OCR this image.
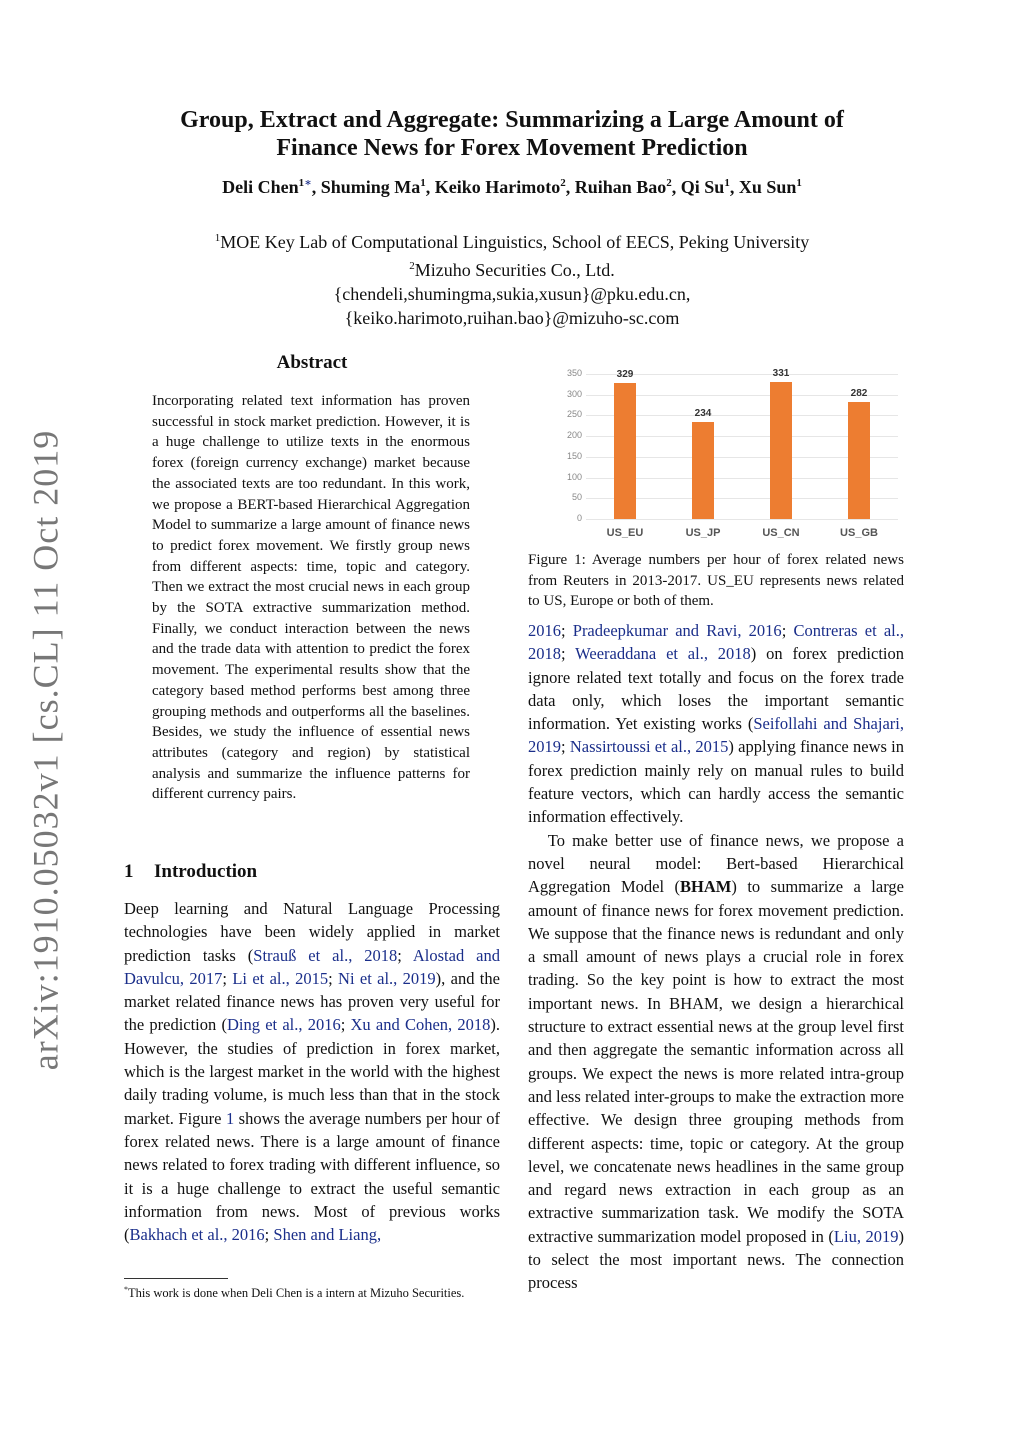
arXiv:1910.05032v1 [cs.CL] 11 Oct 2019
Group, Extract and Aggregate: Summarizing a Large Amount of
Finance News for Forex Movement Prediction
Deli Chen$^{1∗}$, Shuming Ma$^1$, Keiko Harimoto$^2$, Ruihan Bao$^2$, Qi Su$^1$, Xu Sun$^1$
$^1$MOE Key Lab of Computational Linguistics, School of EECS, Peking University
$^2$Mizuho Securities Co., Ltd.
{chendeli,shumingma,sukia,xusun}@pku.edu.cn,
{keiko.harimoto,ruihan.bao}@mizuho-sc.com
Abstract
Incorporating related text information has proven successful in stock market prediction. However, it is a huge challenge to utilize texts in the enormous forex (foreign currency exchange) market because the associated texts are too redundant. In this work, we propose a BERT-based Hierarchical Aggregation Model to summarize a large amount of finance news to predict forex movement. We firstly group news from different aspects: time, topic and category. Then we extract the most crucial news in each group by the SOTA extractive summarization method. Finally, we conduct interaction between the news and the trade data with attention to predict the forex movement. The experimental results show that the category based method performs best among three grouping methods and outperforms all the baselines. Besides, we study the influence of essential news attributes (category and region) by statistical analysis and summarize the influence patterns for different currency pairs.
1 Introduction

Deep learning and Natural Language Processing technologies have been widely applied in market prediction tasks (Strauß et al., 2018; Alostad and Davulcu, 2017; Li et al., 2015; Ni et al., 2019), and the market related finance news has proven very useful for the prediction (Ding et al., 2016; Xu and Cohen, 2018). However, the studies of prediction in forex market, which is the largest market in the world with the highest daily trading volume, is much less than that in the stock market. Figure 1 shows the average numbers per hour of forex related news. There is a large amount of finance news related to forex trading with different influence, so it is a huge challenge to extract the useful semantic information from news. Most of previous works (Bakhach et al., 2016; Shen and Liang,

*This work is done when Deli Chen is a intern at Mizuho Securities.
0
50
100
150
200
250
300
350	329
US_EU
234
US_JP
331
US_CN
282
US_GB
Figure 1: Average numbers per hour of forex related news from Reuters in 2013-2017. US_EU represents news related to US, Europe or both of them.

2016; Pradeepkumar and Ravi, 2016; Contreras et al., 2018; Weeraddana et al., 2018) on forex prediction ignore related text totally and focus on the forex trade data only, which loses the important semantic information. Yet existing works (Seifollahi and Shajari, 2019; Nassirtoussi et al., 2015) applying finance news in forex prediction mainly rely on manual rules to build feature vectors, which can hardly access the semantic information effectively.

To make better use of finance news, we propose a novel neural model: Bert-based Hierarchical Aggregation Model (BHAM) to summarize a large amount of finance news for forex movement prediction. We suppose that the finance news is redundant and only a small amount of news plays a crucial role in forex trading. So the key point is how to extract the most important news. In BHAM, we design a hierarchical structure to extract essential news at the group level first and then aggregate the semantic information across all groups. We expect the news is more related intra-group and less related inter-groups to make the extraction more effective. We design three grouping methods from different aspects: time, topic or category. At the group level, we concatenate news headlines in the same group and regard news extraction in each group as an extractive summarization task. We modify the SOTA extractive summarization model proposed in (Liu, 2019) to select the most important news. The connection process
